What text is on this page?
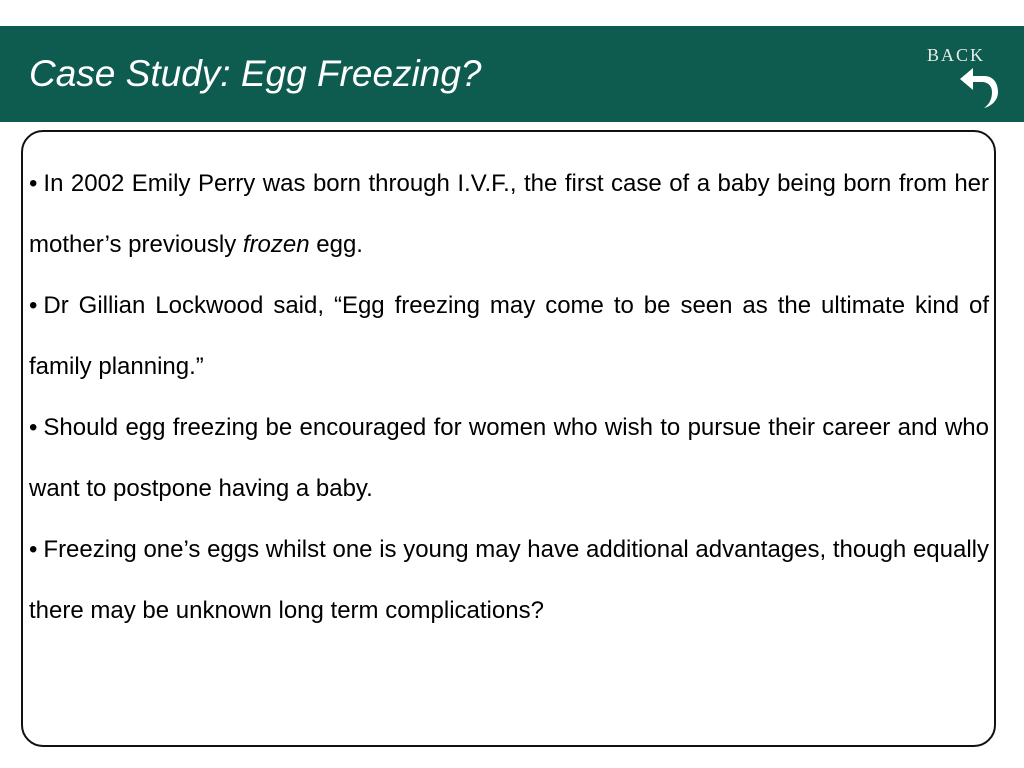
Case Study: Egg Freezing?	BACK
• In 2002 Emily Perry was born through I.V.F., the first case of a baby being born from her mother’s previously frozen egg.
• Dr Gillian Lockwood said, “Egg freezing may come to be seen as the ultimate kind of family planning.”
• Should egg freezing be encouraged for women who wish to pursue their career and who want to postpone having a baby.
• Freezing one’s eggs whilst one is young may have additional advantages, though equally there may be unknown long term complications?
